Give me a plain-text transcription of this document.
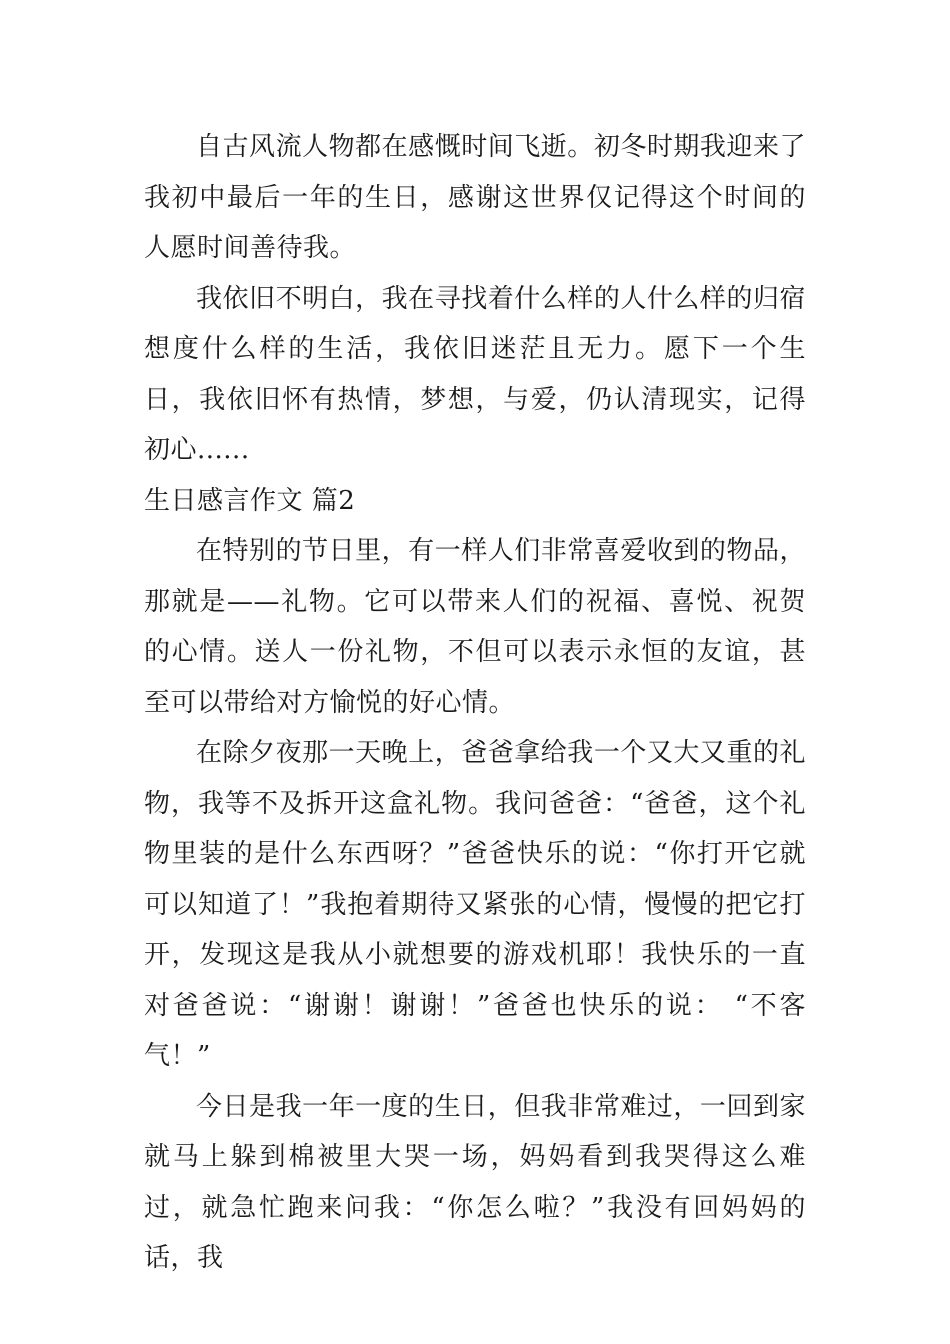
自古风流人物都在感慨时间飞逝。初冬时期我迎来了我初中最后一年的生日，感谢这世界仅记得这个时间的人愿时间善待我。

我依旧不明白，我在寻找着什么样的人什么样的归宿想度什么样的生活，我依旧迷茫且无力。愿下一个生日，我依旧怀有热情，梦想，与爱，仍认清现实，记得初心......

生日感言作文 篇2

在特别的节日里，有一样人们非常喜爱收到的物品，那就是——礼物。它可以带来人们的祝福、喜悦、祝贺的心情。送人一份礼物，不但可以表示永恒的友谊，甚至可以带给对方愉悦的好心情。

在除夕夜那一天晚上，爸爸拿给我一个又大又重的礼物，我等不及拆开这盒礼物。我问爸爸：“爸爸，这个礼物里装的是什么东西呀？”爸爸快乐的说：“你打开它就可以知道了！”我抱着期待又紧张的心情，慢慢的把它打开，发现这是我从小就想要的游戏机耶！我快乐的一直对爸爸说：“谢谢！谢谢！”爸爸也快乐的说： “不客气！”

今日是我一年一度的生日，但我非常难过，一回到家就马上躲到棉被里大哭一场，妈妈看到我哭得这么难过，就急忙跑来问我：“你怎么啦？”我没有回妈妈的话，我
